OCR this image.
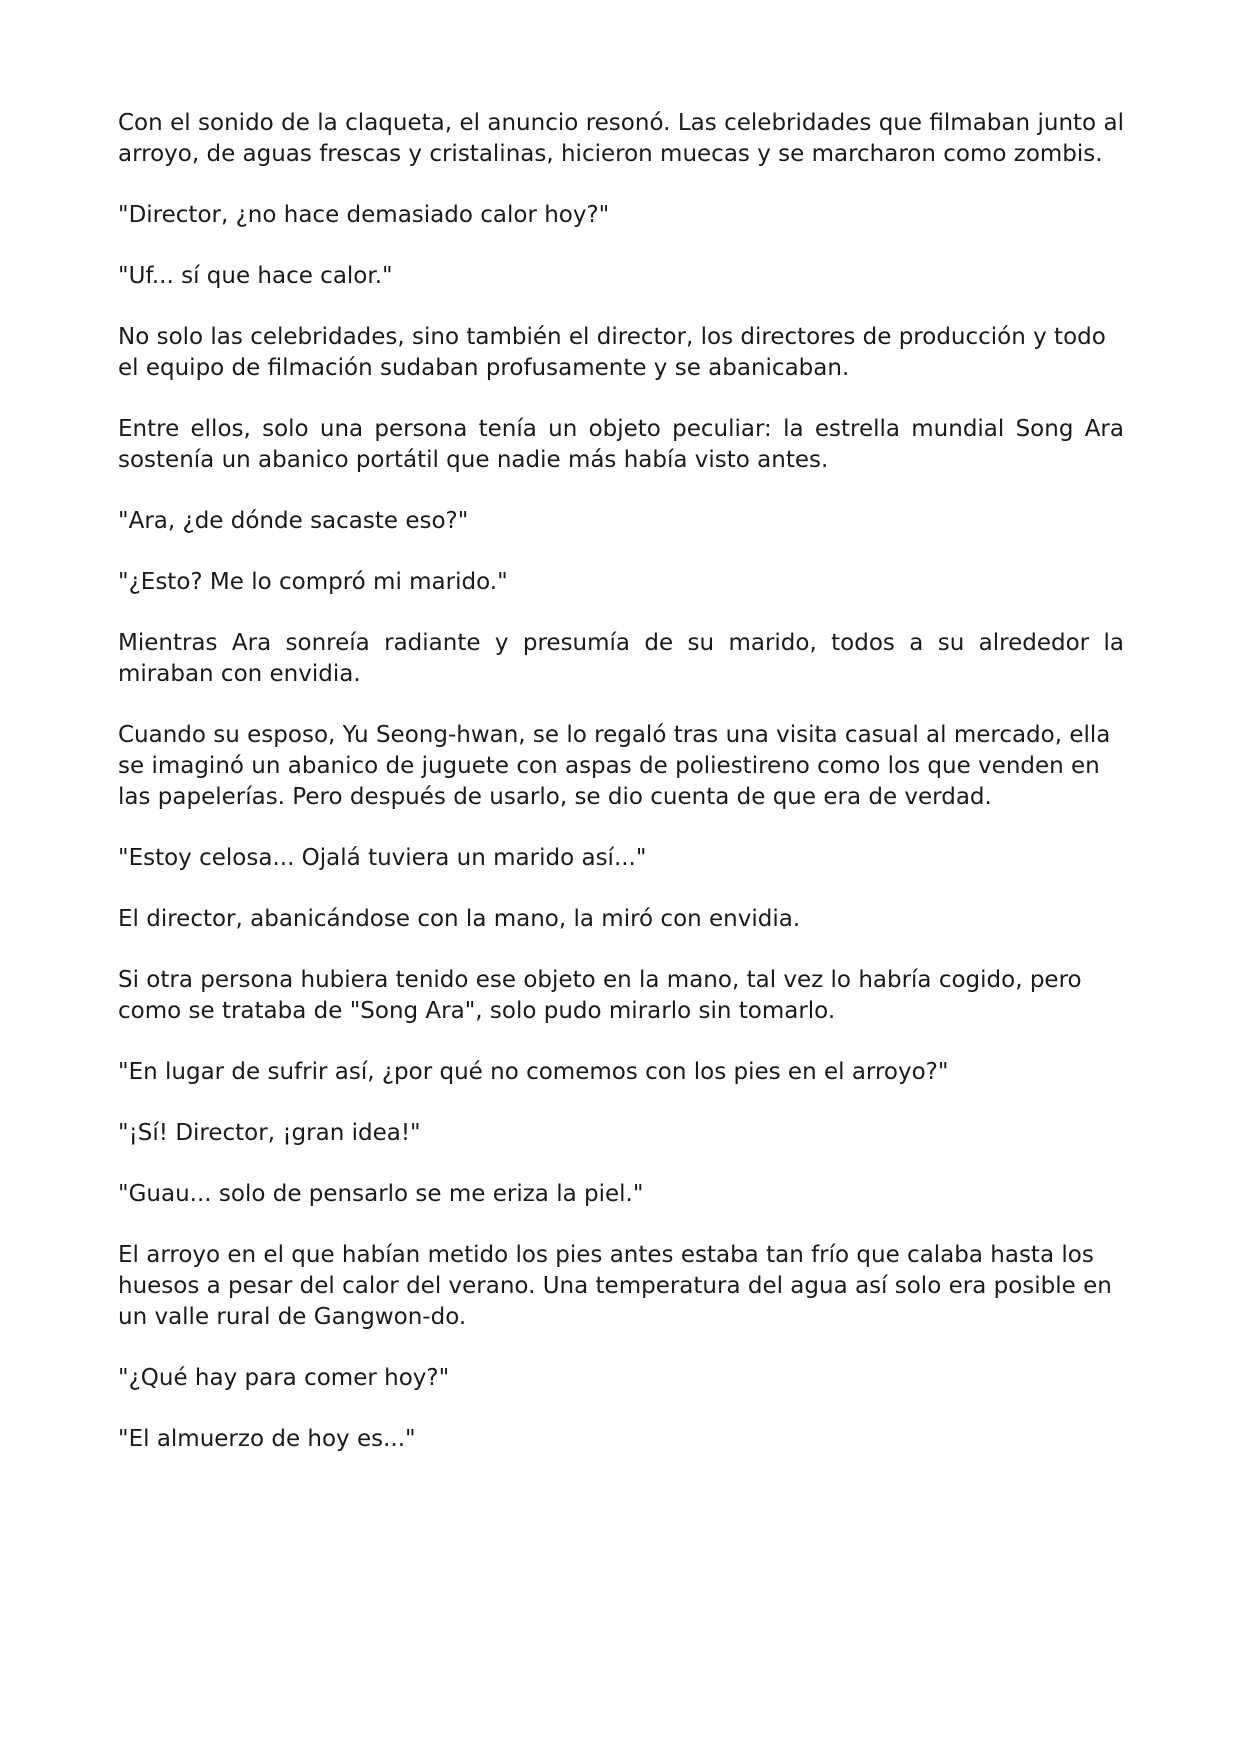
Con el sonido de la claqueta, el anuncio resonó. Las celebridades que filmaban junto al arroyo, de aguas frescas y cristalinas, hicieron muecas y se marcharon como zombis.

"Director, ¿no hace demasiado calor hoy?"

"Uf... sí que hace calor."

No solo las celebridades, sino también el director, los directores de producción y todo el equipo de filmación sudaban profusamente y se abanicaban.

Entre ellos, solo una persona tenía un objeto peculiar: la estrella mundial Song Ara sostenía un abanico portátil que nadie más había visto antes.

"Ara, ¿de dónde sacaste eso?"

"¿Esto? Me lo compró mi marido."

Mientras Ara sonreía radiante y presumía de su marido, todos a su alrededor la miraban con envidia.

Cuando su esposo, Yu Seong-hwan, se lo regaló tras una visita casual al mercado, ella se imaginó un abanico de juguete con aspas de poliestireno como los que venden en las papelerías. Pero después de usarlo, se dio cuenta de que era de verdad.

"Estoy celosa... Ojalá tuviera un marido así..."

El director, abanicándose con la mano, la miró con envidia.

Si otra persona hubiera tenido ese objeto en la mano, tal vez lo habría cogido, pero como se trataba de "Song Ara", solo pudo mirarlo sin tomarlo.

"En lugar de sufrir así, ¿por qué no comemos con los pies en el arroyo?"

"¡Sí! Director, ¡gran idea!"

"Guau... solo de pensarlo se me eriza la piel."

El arroyo en el que habían metido los pies antes estaba tan frío que calaba hasta los huesos a pesar del calor del verano. Una temperatura del agua así solo era posible en un valle rural de Gangwon-do.

"¿Qué hay para comer hoy?"

"El almuerzo de hoy es..."
